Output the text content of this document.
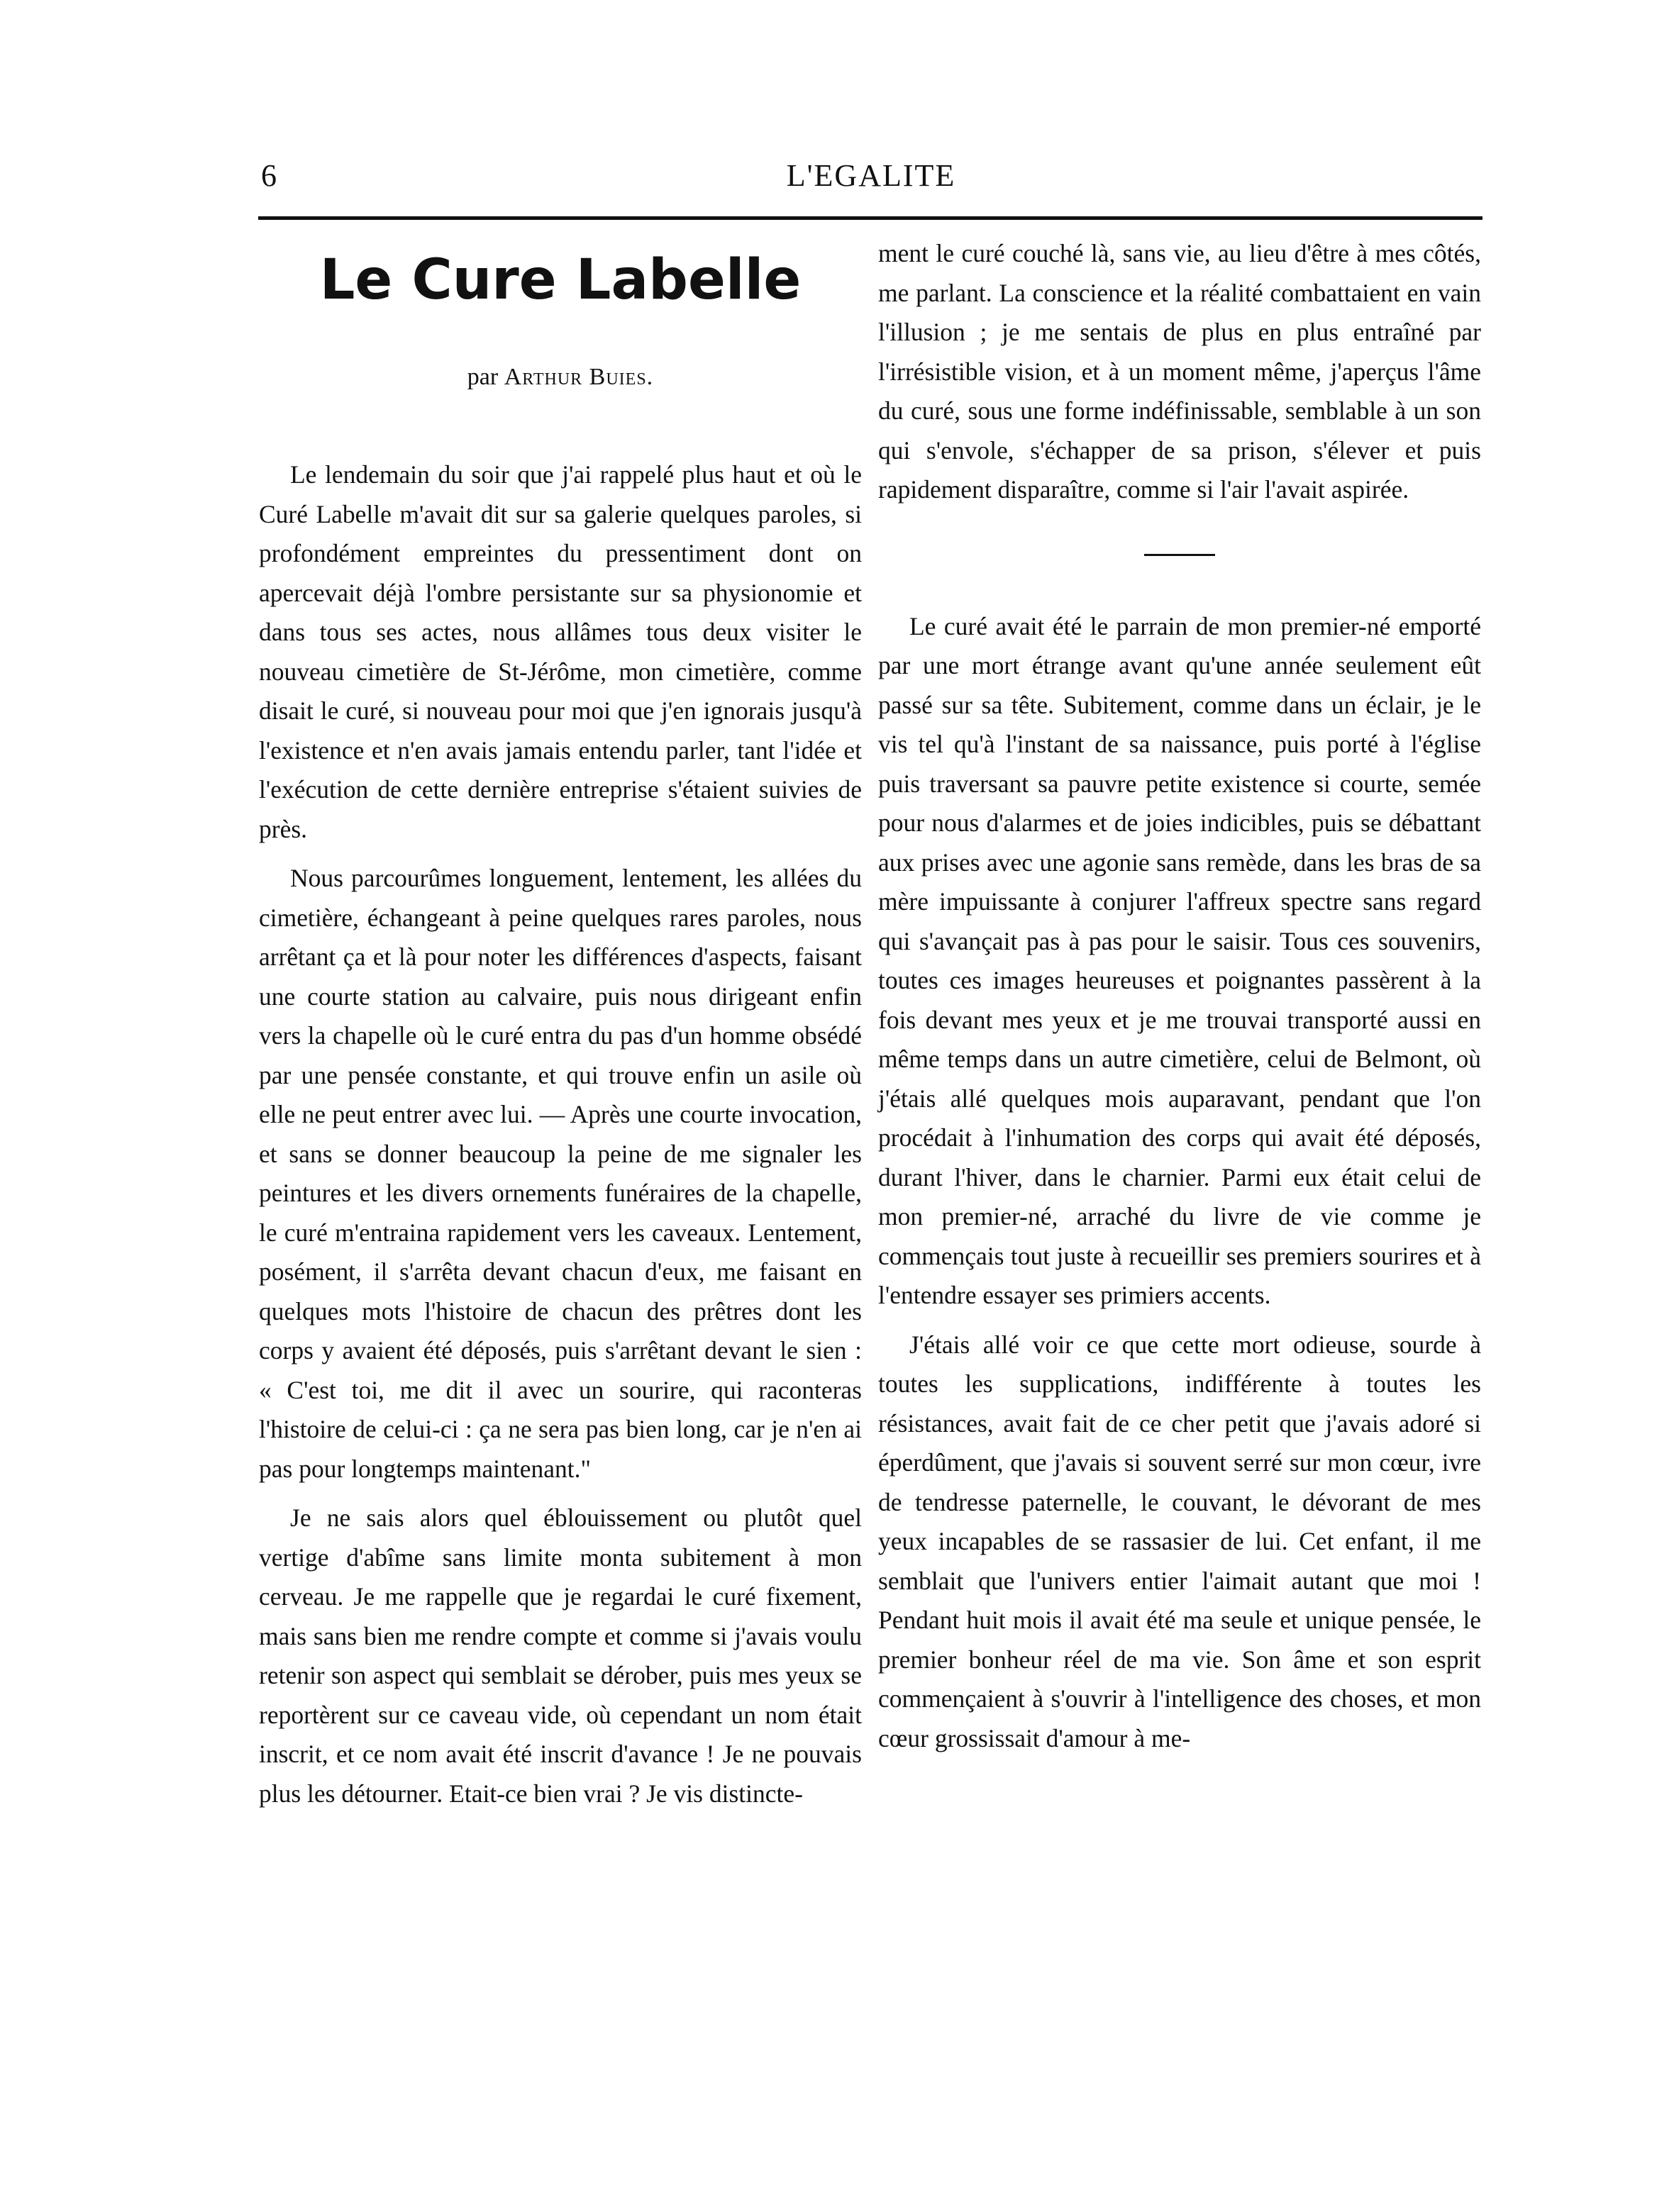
6	L'EGALITE
Le Cure Labelle
par Arthur Buies.

Le lendemain du soir que j'ai rappelé plus haut et où le Curé Labelle m'avait dit sur sa galerie quelques paroles, si profondément empreintes du pressentiment dont on apercevait déjà l'ombre persistante sur sa physionomie et dans tous ses actes, nous allâmes tous deux visiter le nouveau cimetière de St-Jérôme, mon cimetière, comme disait le curé, si nouveau pour moi que j'en ignorais jusqu'à l'existence et n'en avais jamais entendu parler, tant l'idée et l'exécution de cette dernière entreprise s'étaient suivies de près.

Nous parcourûmes longuement, lentement, les allées du cimetière, échangeant à peine quelques rares paroles, nous arrêtant ça et là pour noter les différences d'aspects, faisant une courte station au calvaire, puis nous dirigeant enfin vers la chapelle où le curé entra du pas d'un homme obsédé par une pensée constante, et qui trouve enfin un asile où elle ne peut entrer avec lui. — Après une courte invocation, et sans se donner beaucoup la peine de me signaler les peintures et les divers ornements funéraires de la chapelle, le curé m'entraina rapidement vers les caveaux. Lentement, posément, il s'arrêta devant chacun d'eux, me faisant en quelques mots l'histoire de chacun des prêtres dont les corps y avaient été déposés, puis s'arrêtant devant le sien : « C'est toi, me dit il avec un sourire, qui raconteras l'histoire de celui-ci : ça ne sera pas bien long, car je n'en ai pas pour longtemps maintenant."

Je ne sais alors quel éblouissement ou plutôt quel vertige d'abîme sans limite monta subitement à mon cerveau. Je me rappelle que je regardai le curé fixement, mais sans bien me rendre compte et comme si j'avais voulu retenir son aspect qui semblait se dérober, puis mes yeux se reportèrent sur ce caveau vide, où cependant un nom était inscrit, et ce nom avait été inscrit d'avance ! Je ne pouvais plus les détourner. Etait-ce bien vrai ? Je vis distincte-

ment le curé couché là, sans vie, au lieu d'être à mes côtés, me parlant. La conscience et la réalité combattaient en vain l'illusion ; je me sentais de plus en plus entraîné par l'irrésistible vision, et à un moment même, j'aperçus l'âme du curé, sous une forme indéfinissable, semblable à un son qui s'envole, s'échapper de sa prison, s'élever et puis rapidement disparaître, comme si l'air l'avait aspirée.

Le curé avait été le parrain de mon premier-né emporté par une mort étrange avant qu'une année seulement eût passé sur sa tête. Subitement, comme dans un éclair, je le vis tel qu'à l'instant de sa naissance, puis porté à l'église puis traversant sa pauvre petite existence si courte, semée pour nous d'alarmes et de joies indicibles, puis se débattant aux prises avec une agonie sans remède, dans les bras de sa mère impuissante à conjurer l'affreux spectre sans regard qui s'avançait pas à pas pour le saisir. Tous ces souvenirs, toutes ces images heureuses et poignantes passèrent à la fois devant mes yeux et je me trouvai transporté aussi en même temps dans un autre cimetière, celui de Belmont, où j'étais allé quelques mois auparavant, pendant que l'on procédait à l'inhumation des corps qui avait été déposés, durant l'hiver, dans le charnier. Parmi eux était celui de mon premier-né, arraché du livre de vie comme je commençais tout juste à recueillir ses premiers sourires et à l'entendre essayer ses primiers accents.

J'étais allé voir ce que cette mort odieuse, sourde à toutes les supplications, indifférente à toutes les résistances, avait fait de ce cher petit que j'avais adoré si éperdûment, que j'avais si souvent serré sur mon cœur, ivre de tendresse paternelle, le couvant, le dévorant de mes yeux incapables de se rassasier de lui. Cet enfant, il me semblait que l'univers entier l'aimait autant que moi ! Pendant huit mois il avait été ma seule et unique pensée, le premier bonheur réel de ma vie. Son âme et son esprit commençaient à s'ouvrir à l'intelligence des choses, et mon cœur grossissait d'amour à me-
